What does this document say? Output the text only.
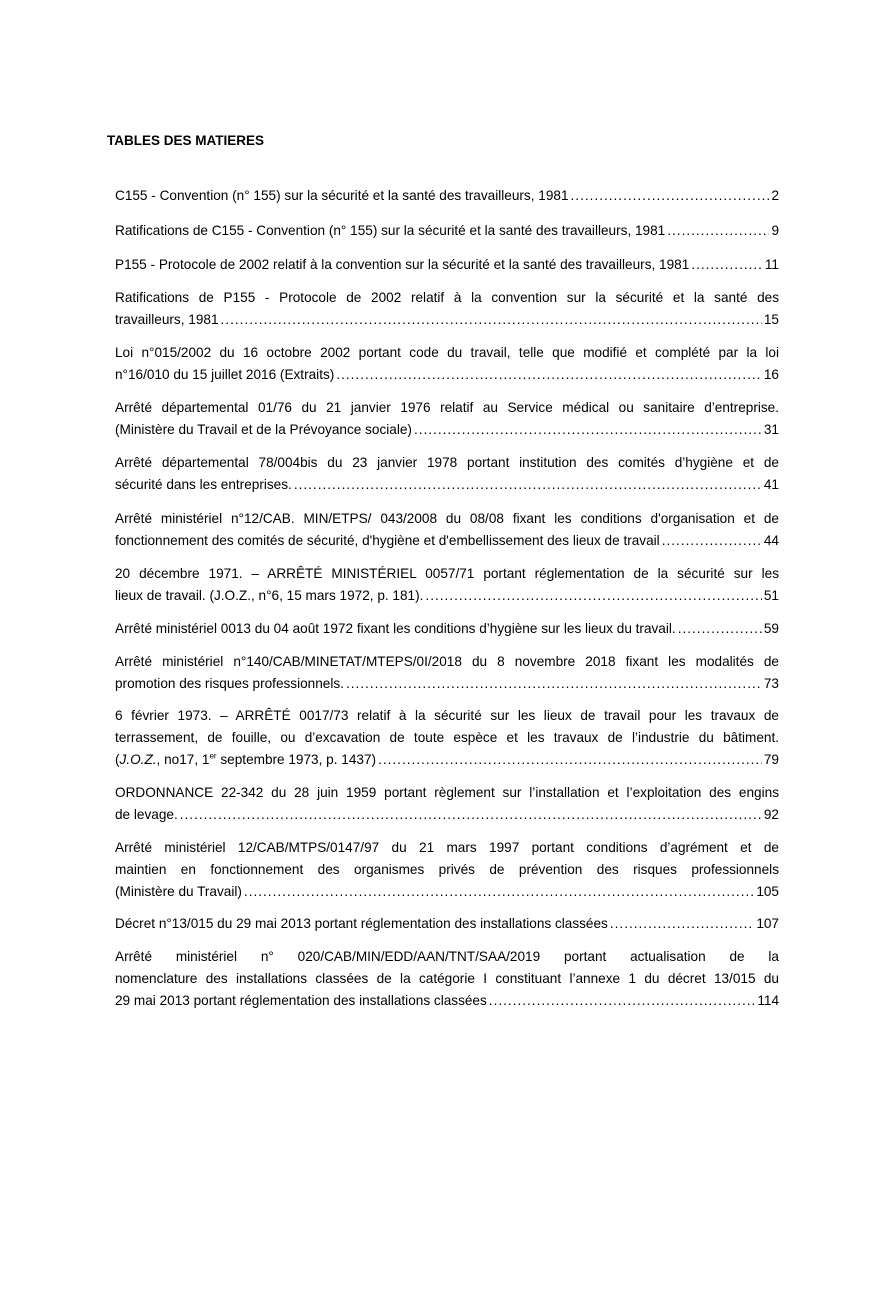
TABLES DES MATIERES
C155 - Convention (n° 155) sur la sécurité et la santé des travailleurs, 1981 .....	2
Ratifications de C155 - Convention (n° 155) sur la sécurité et la santé des travailleurs, 1981 .....	9
P155 - Protocole de 2002 relatif à la convention sur la sécurité et la santé des travailleurs, 1981 .....	11
Ratifications de P155 - Protocole de 2002 relatif à la convention sur la sécurité et la santé des
travailleurs, 1981 .....	15
Loi n°015/2002 du 16 octobre 2002 portant code du travail, telle que modifié et complété par la loi
n°16/010 du 15 juillet 2016 (Extraits) .....	16
Arrêté départemental 01/76 du 21 janvier 1976 relatif au Service médical ou sanitaire d’entreprise.
(Ministère du Travail et de la Prévoyance sociale) .....	31
Arrêté départemental 78/004bis du 23 janvier 1978 portant institution des comités d’hygiène et de
sécurité dans les entreprises. .....	41
Arrêté ministériel n°12/CAB. MIN/ETPS/ 043/2008 du 08/08 fixant les conditions d'organisation et de
fonctionnement des comités de sécurité, d'hygiène et d'embellissement des lieux de travail .....	44
20 décembre 1971. – ARRÊTÉ MINISTÉRIEL 0057/71 portant réglementation de la sécurité sur les
lieux de travail. (J.O.Z., n°6, 15 mars 1972, p. 181). .....	51
Arrêté ministériel 0013 du 04 août 1972 fixant les conditions d’hygiène sur les lieux du travail. .....	59
Arrêté ministériel n°140/CAB/MINETAT/MTEPS/0I/2018 du 8 novembre 2018 fixant les modalités de
promotion des risques professionnels. .....	73
6 février 1973. – ARRÊTÉ 0017/73 relatif à la sécurité sur les lieux de travail pour les travaux de
terrassement, de fouille, ou d’excavation de toute espèce et les travaux de l’industrie du bâtiment.
(J.O.Z., no17, 1er septembre 1973, p. 1437) .....	79
ORDONNANCE 22-342 du 28 juin 1959 portant règlement sur l’installation et l’exploitation des engins
de levage. .....	92
Arrêté ministériel 12/CAB/MTPS/0147/97 du 21 mars 1997 portant conditions d’agrément et de
maintien en fonctionnement des organismes privés de prévention des risques professionnels
(Ministère du Travail) .....	105
Décret n°13/015 du 29 mai 2013 portant réglementation des installations classées .....	107
Arrêté ministériel n° 020/CAB/MIN/EDD/AAN/TNT/SAA/2019 portant actualisation de la
nomenclature des installations classées de la catégorie I constituant l’annexe 1 du décret 13/015 du
29 mai 2013 portant réglementation des installations classées .....	114
